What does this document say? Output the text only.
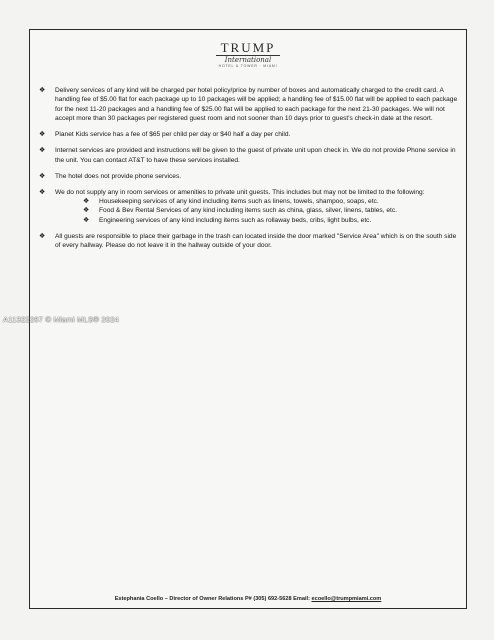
TRUMP
International
HOTEL & TOWER · MIAMI
❖ Delivery services of any kind will be charged per hotel policy/price by number of boxes and automatically charged to the credit card. A handling fee of $5.00 flat for each package up to 10 packages will be applied; a handling fee of $15.00 flat will be applied to each package for the next 11-20 packages and a handling fee of $25.00 flat will be applied to each package for the next 21-30 packages. We will not accept more than 30 packages per registered guest room and not sooner than 10 days prior to guest's check-in date at the resort.
❖ Planet Kids service has a fee of $65 per child per day or $40 half a day per child.
❖ Internet services are provided and instructions will be given to the guest of private unit upon check in. We do not provide Phone service in the unit. You can contact AT&T to have these services installed.
❖ The hotel does not provide phone services.
❖ We do not supply any in room services or amenities to private unit guests. This includes but may not be limited to the following:
❖ Housekeeping services of any kind including items such as linens, towels, shampoo, soaps, etc.
❖ Food & Bev Rental Services of any kind including items such as china, glass, silver, linens, tables, etc.
❖ Engineering services of any kind including items such as rollaway beds, cribs, light bulbs, etc.
❖ All guests are responsible to place their garbage in the trash can located inside the door marked "Service Area" which is on the south side of every hallway. Please do not leave it in the hallway outside of your door.
Estephania Coello – Director of Owner Relations P# (305) 692-5628 Email: ecoello@trumpmiami.com
A11322287 © Miami MLS® 2024
